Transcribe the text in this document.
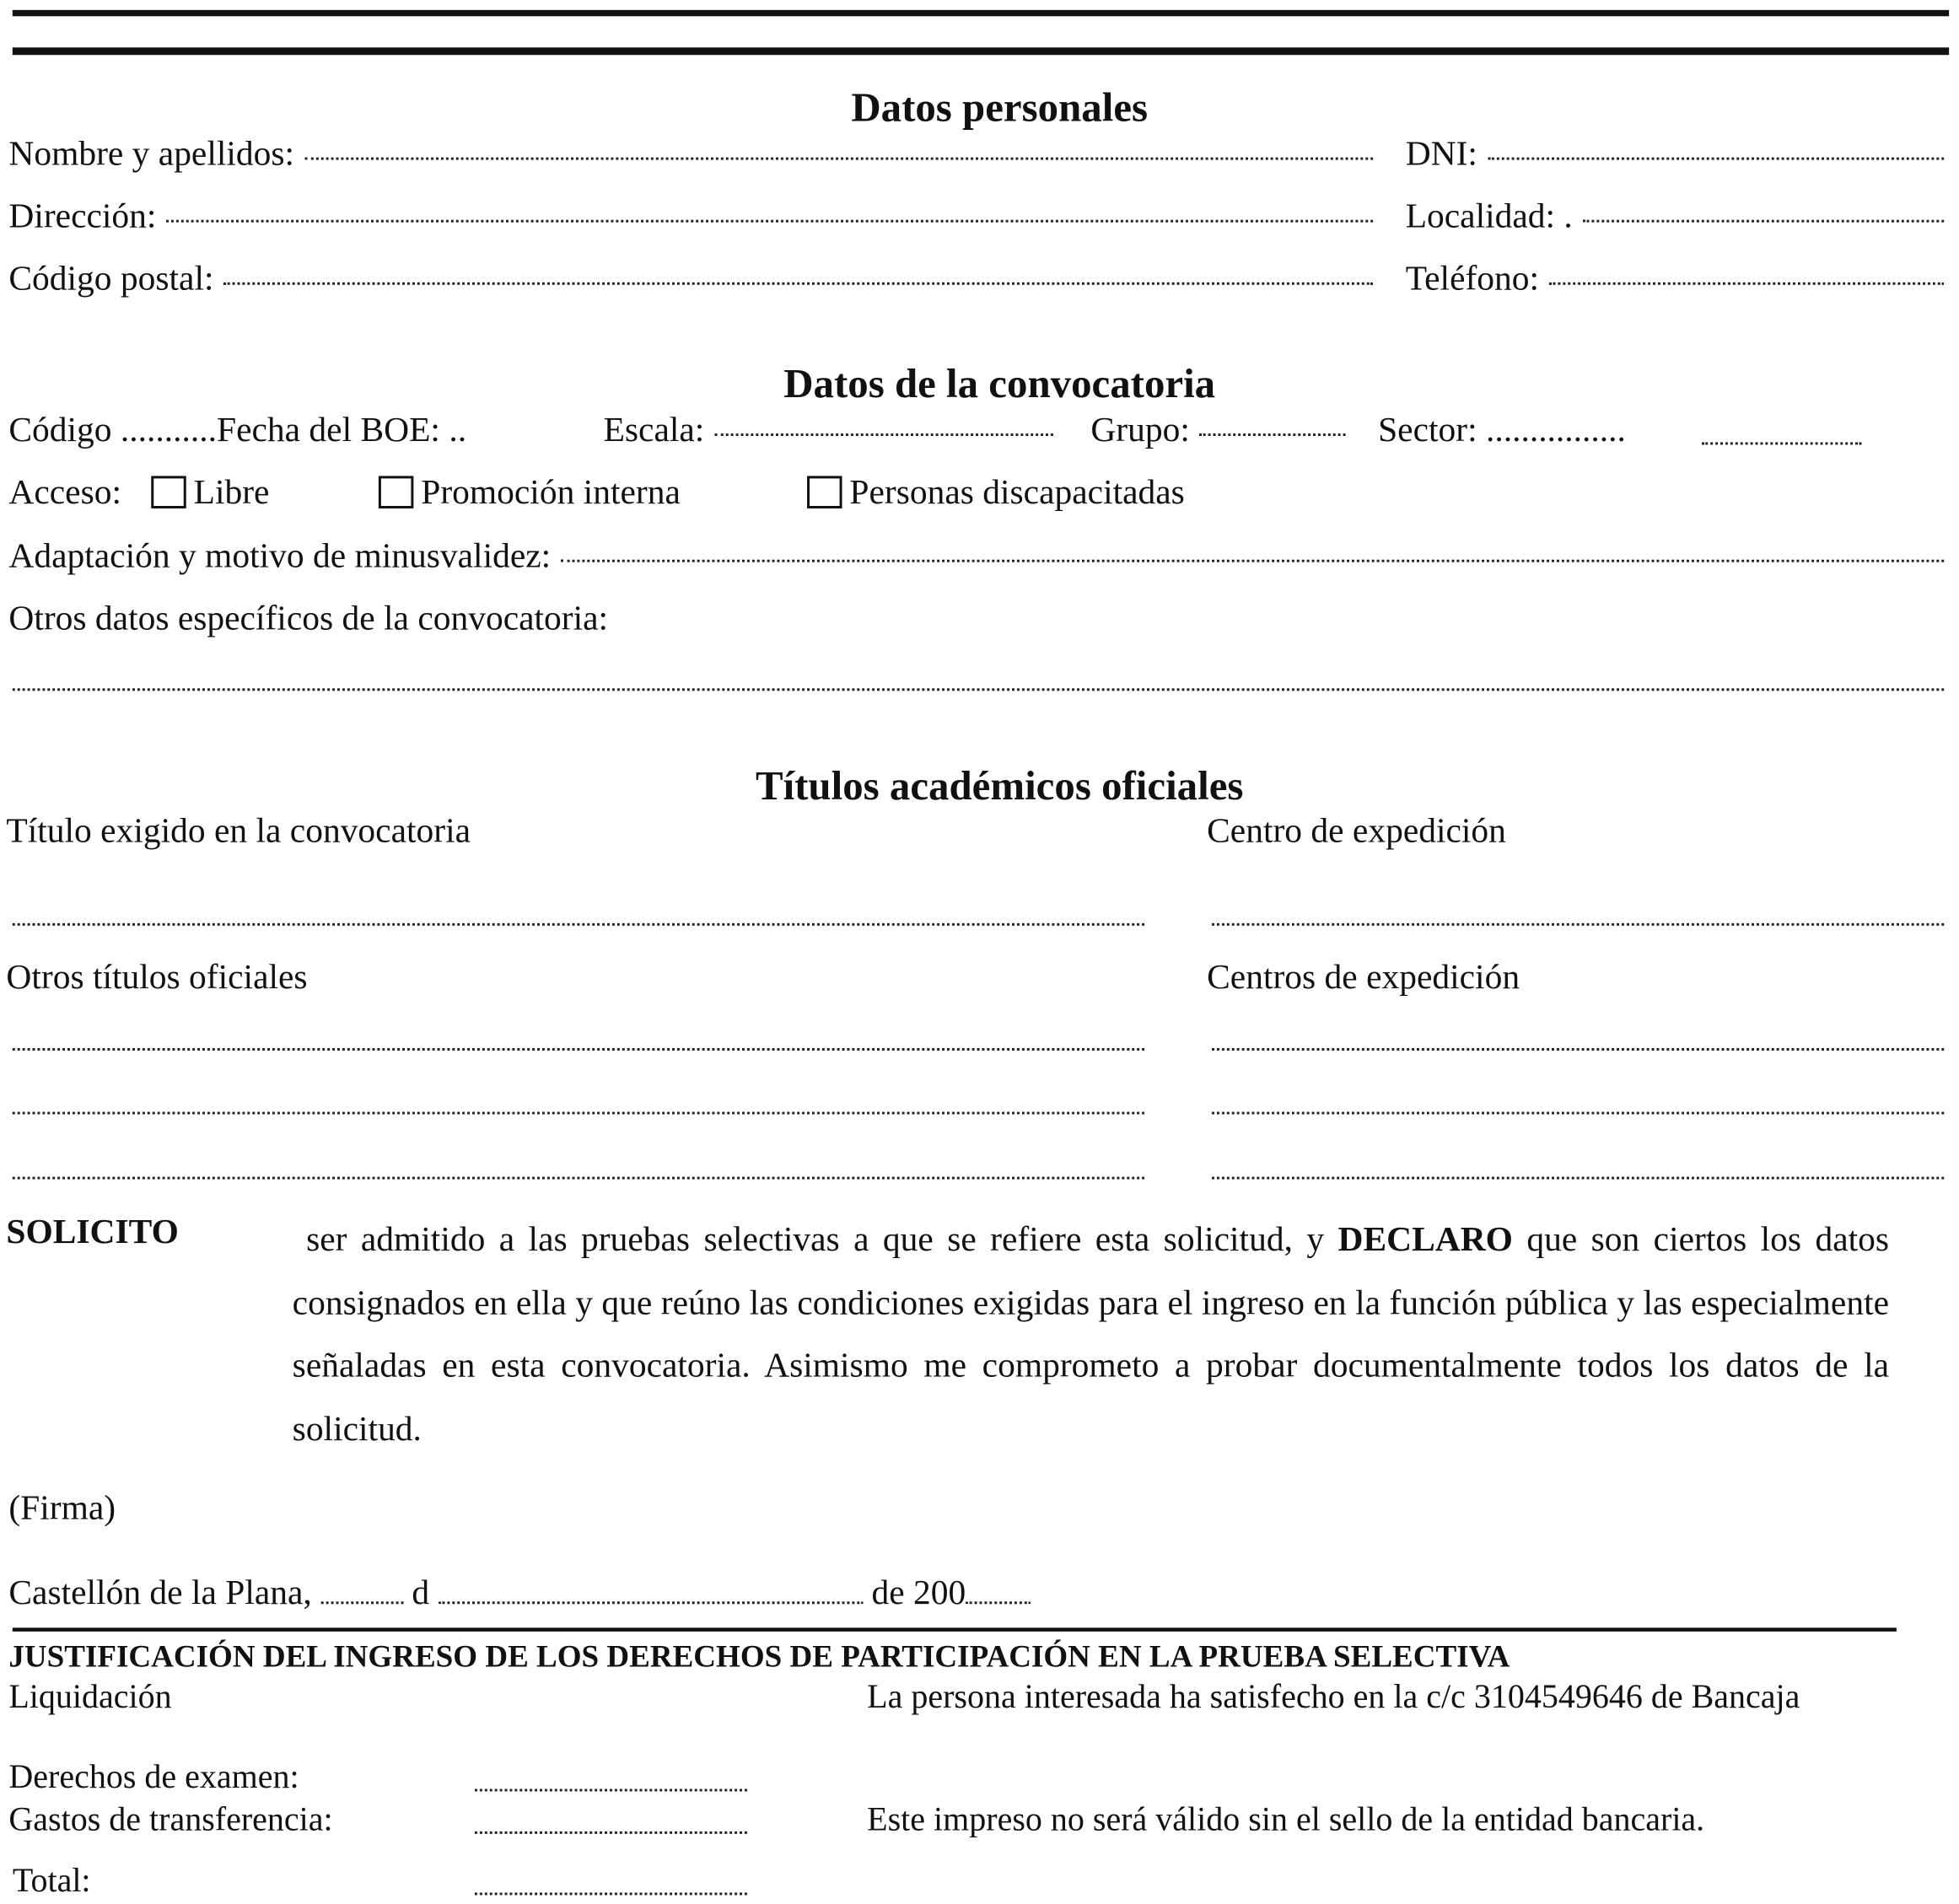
Datos personales
Nombre y apellidos:	DNI:
Dirección:	Localidad: .
Código postal:	Teléfono:
Datos de la convocatoria
Código ...........Fecha del BOE: ..	Escala:	Grupo:	Sector: ................
Acceso:	Libre	Promoción interna	Personas discapacitadas
Adaptación y motivo de minusvalidez:
Otros datos específicos de la convocatoria:
Títulos académicos oficiales
Título exigido en la convocatoria	Centro de expedición
Otros títulos oficiales	Centros de expedición
SOLICITO	ser admitido a las pruebas selectivas a que se refiere esta solicitud, y DECLARO que son ciertos los datos consignados en ella y que reúno las condiciones exigidas para el ingreso en la función pública y las especialmente señaladas en esta convocatoria. Asimismo me comprometo a probar documentalmente todos los datos de la solicitud.
(Firma)
Castellón de la Plana,	d	de 200
JUSTIFICACIÓN DEL INGRESO DE LOS DERECHOS DE PARTICIPACIÓN EN LA PRUEBA SELECTIVA
Liquidación	La persona interesada ha satisfecho en la c/c 3104549646 de Bancaja
Derechos de examen:
Gastos de transferencia:	Este impreso no será válido sin el sello de la entidad bancaria.
Total:
